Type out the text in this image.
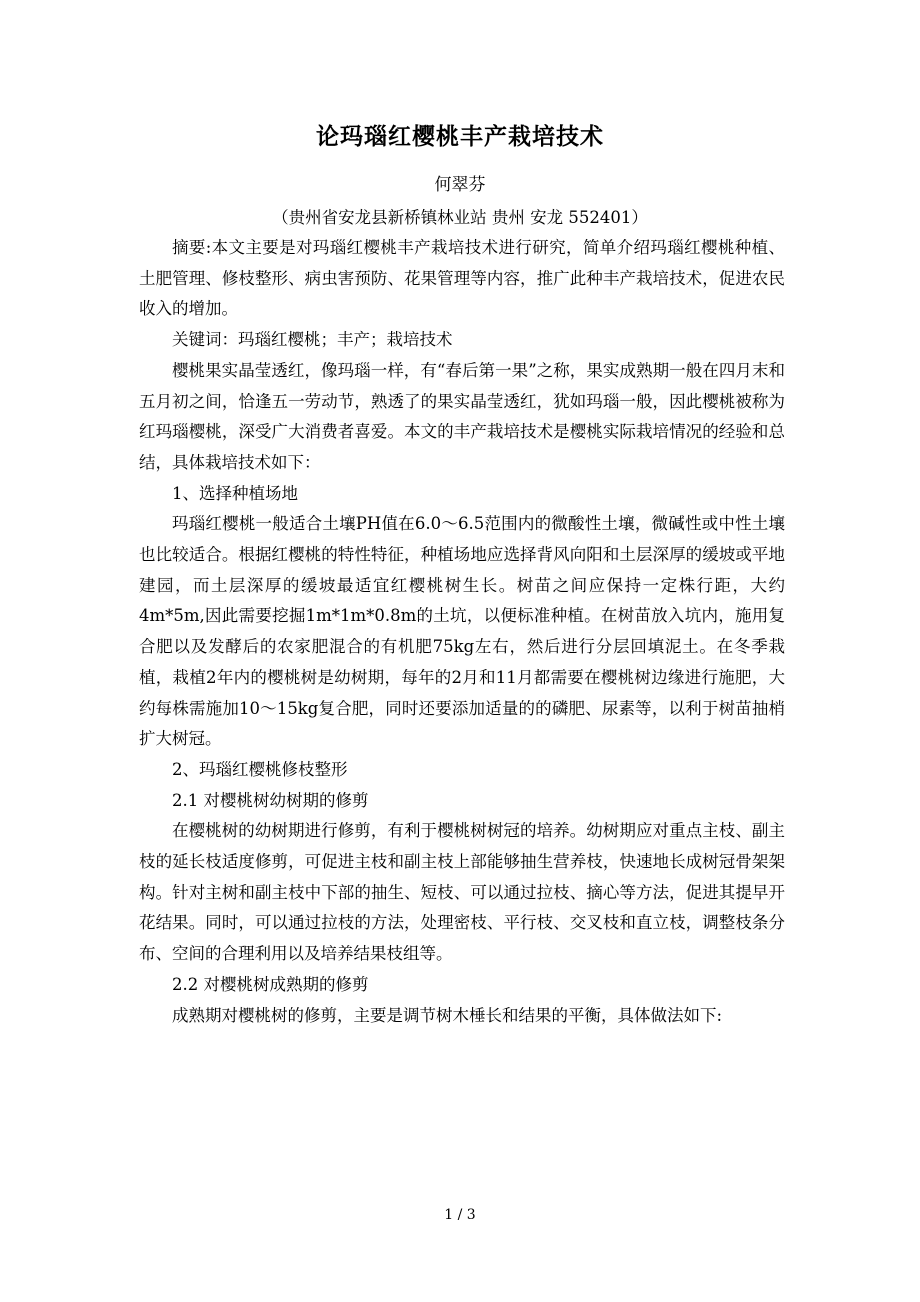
论玛瑙红樱桃丰产栽培技术
何翠芬
（贵州省安龙县新桥镇林业站 贵州 安龙 552401）

摘要:本文主要是对玛瑙红樱桃丰产栽培技术进行研究，简单介绍玛瑙红樱桃种植、土肥管理、修枝整形、病虫害预防、花果管理等内容，推广此种丰产栽培技术，促进农民收入的增加。

关键词：玛瑙红樱桃；丰产；栽培技术

樱桃果实晶莹透红，像玛瑙一样，有“春后第一果”之称，果实成熟期一般在四月末和五月初之间，恰逢五一劳动节，熟透了的果实晶莹透红，犹如玛瑙一般，因此樱桃被称为红玛瑙樱桃，深受广大消费者喜爱。本文的丰产栽培技术是樱桃实际栽培情况的经验和总结，具体栽培技术如下：

1、选择种植场地

玛瑙红樱桃一般适合土壤PH值在6.0～6.5范围内的微酸性土壤，微碱性或中性土壤也比较适合。根据红樱桃的特性特征，种植场地应选择背风向阳和土层深厚的缓坡或平地建园，而土层深厚的缓坡最适宜红樱桃树生长。树苗之间应保持一定株行距，大约4m*5m,因此需要挖掘1m*1m*0.8m的土坑，以便标准种植。在树苗放入坑内，施用复合肥以及发酵后的农家肥混合的有机肥75kg左右，然后进行分层回填泥土。在冬季栽植，栽植2年内的樱桃树是幼树期，每年的2月和11月都需要在樱桃树边缘进行施肥，大约每株需施加10～15kg复合肥，同时还要添加适量的的磷肥、尿素等，以利于树苗抽梢扩大树冠。

2、玛瑙红樱桃修枝整形

2.1 对樱桃树幼树期的修剪

在樱桃树的幼树期进行修剪，有利于樱桃树树冠的培养。幼树期应对重点主枝、副主枝的延长枝适度修剪，可促进主枝和副主枝上部能够抽生营养枝，快速地长成树冠骨架架构。针对主树和副主枝中下部的抽生、短枝、可以通过拉枝、摘心等方法，促进其提早开花结果。同时，可以通过拉枝的方法，处理密枝、平行枝、交叉枝和直立枝，调整枝条分布、空间的合理利用以及培养结果枝组等。

2.2 对樱桃树成熟期的修剪

成熟期对樱桃树的修剪，主要是调节树木棰长和结果的平衡，具体做法如下:

1 / 3
